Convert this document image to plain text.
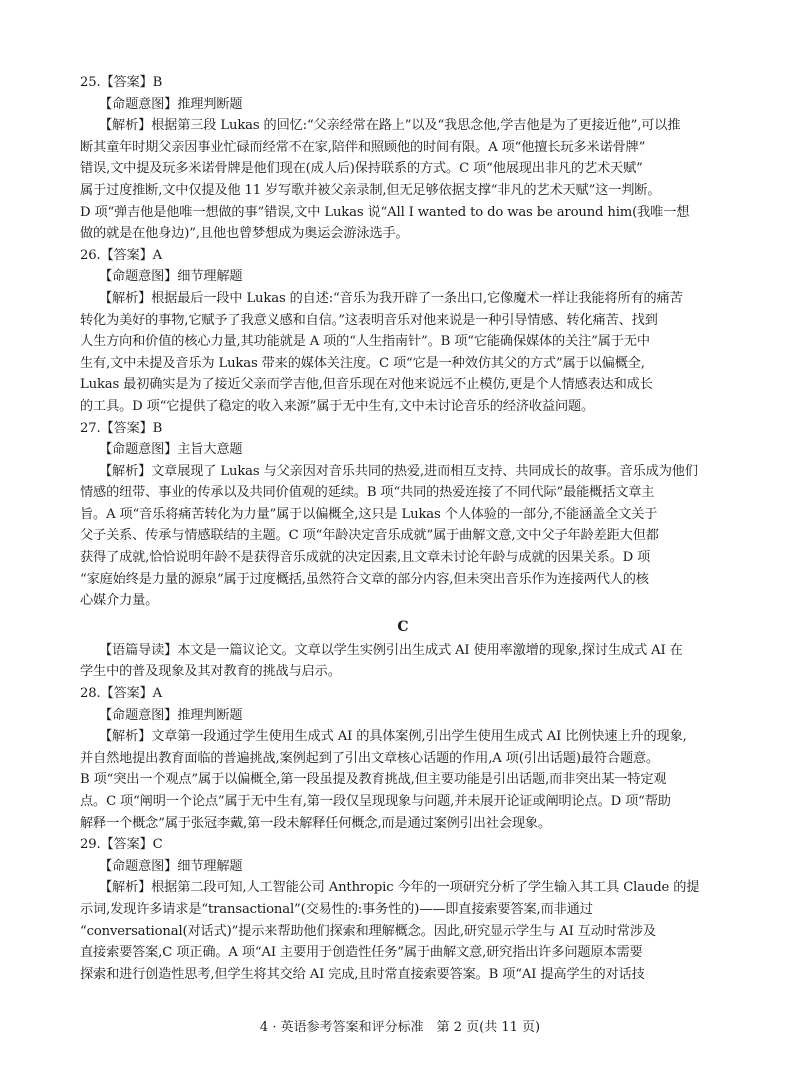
25.【答案】B
【命题意图】推理判断题
【解析】根据第三段 Lukas 的回忆:“父亲经常在路上”以及“我思念他,学吉他是为了更接近他”,可以推
断其童年时期父亲因事业忙碌而经常不在家,陪伴和照顾他的时间有限。A 项“他擅长玩多米诺骨牌”
错误,文中提及玩多米诺骨牌是他们现在(成人后)保持联系的方式。C 项“他展现出非凡的艺术天赋”
属于过度推断,文中仅提及他 11 岁写歌并被父亲录制,但无足够依据支撑“非凡的艺术天赋”这一判断。
D 项“弹吉他是他唯一想做的事”错误,文中 Lukas 说“All I wanted to do was be around him(我唯一想
做的就是在他身边)”,且他也曾梦想成为奥运会游泳选手。
26.【答案】A
【命题意图】细节理解题
【解析】根据最后一段中 Lukas 的自述:“音乐为我开辟了一条出口,它像魔术一样让我能将所有的痛苦
转化为美好的事物,它赋予了我意义感和自信。”这表明音乐对他来说是一种引导情感、转化痛苦、找到
人生方向和价值的核心力量,其功能就是 A 项的“人生指南针”。B 项“它能确保媒体的关注”属于无中
生有,文中未提及音乐为 Lukas 带来的媒体关注度。C 项“它是一种效仿其父的方式”属于以偏概全,
Lukas 最初确实是为了接近父亲而学吉他,但音乐现在对他来说远不止模仿,更是个人情感表达和成长
的工具。D 项“它提供了稳定的收入来源”属于无中生有,文中未讨论音乐的经济收益问题。
27.【答案】B
【命题意图】主旨大意题
【解析】文章展现了 Lukas 与父亲因对音乐共同的热爱,进而相互支持、共同成长的故事。音乐成为他们
情感的纽带、事业的传承以及共同价值观的延续。B 项“共同的热爱连接了不同代际”最能概括文章主
旨。A 项“音乐将痛苦转化为力量”属于以偏概全,这只是 Lukas 个人体验的一部分,不能涵盖全文关于
父子关系、传承与情感联结的主题。C 项“年龄决定音乐成就”属于曲解文意,文中父子年龄差距大但都
获得了成就,恰恰说明年龄不是获得音乐成就的决定因素,且文章未讨论年龄与成就的因果关系。D 项
“家庭始终是力量的源泉”属于过度概括,虽然符合文章的部分内容,但未突出音乐作为连接两代人的核
心媒介力量。
C
【语篇导读】本文是一篇议论文。文章以学生实例引出生成式 AI 使用率激增的现象,探讨生成式 AI 在
学生中的普及现象及其对教育的挑战与启示。
28.【答案】A
【命题意图】推理判断题
【解析】文章第一段通过学生使用生成式 AI 的具体案例,引出学生使用生成式 AI 比例快速上升的现象,
并自然地提出教育面临的普遍挑战,案例起到了引出文章核心话题的作用,A 项(引出话题)最符合题意。
B 项“突出一个观点”属于以偏概全,第一段虽提及教育挑战,但主要功能是引出话题,而非突出某一特定观
点。C 项“阐明一个论点”属于无中生有,第一段仅呈现现象与问题,并未展开论证或阐明论点。D 项“帮助
解释一个概念”属于张冠李戴,第一段未解释任何概念,而是通过案例引出社会现象。
29.【答案】C
【命题意图】细节理解题
【解析】根据第二段可知,人工智能公司 Anthropic 今年的一项研究分析了学生输入其工具 Claude 的提
示词,发现许多请求是“transactional”(交易性的:事务性的)——即直接索要答案,而非通过
“conversational(对话式)”提示来帮助他们探索和理解概念。因此,研究显示学生与 AI 互动时常涉及
直接索要答案,C 项正确。A 项“AI 主要用于创造性任务”属于曲解文意,研究指出许多问题原本需要
探索和进行创造性思考,但学生将其交给 AI 完成,且时常直接索要答案。B 项“AI 提高学生的对话技
4 · 英语参考答案和评分标准　第 2 页(共 11 页)
